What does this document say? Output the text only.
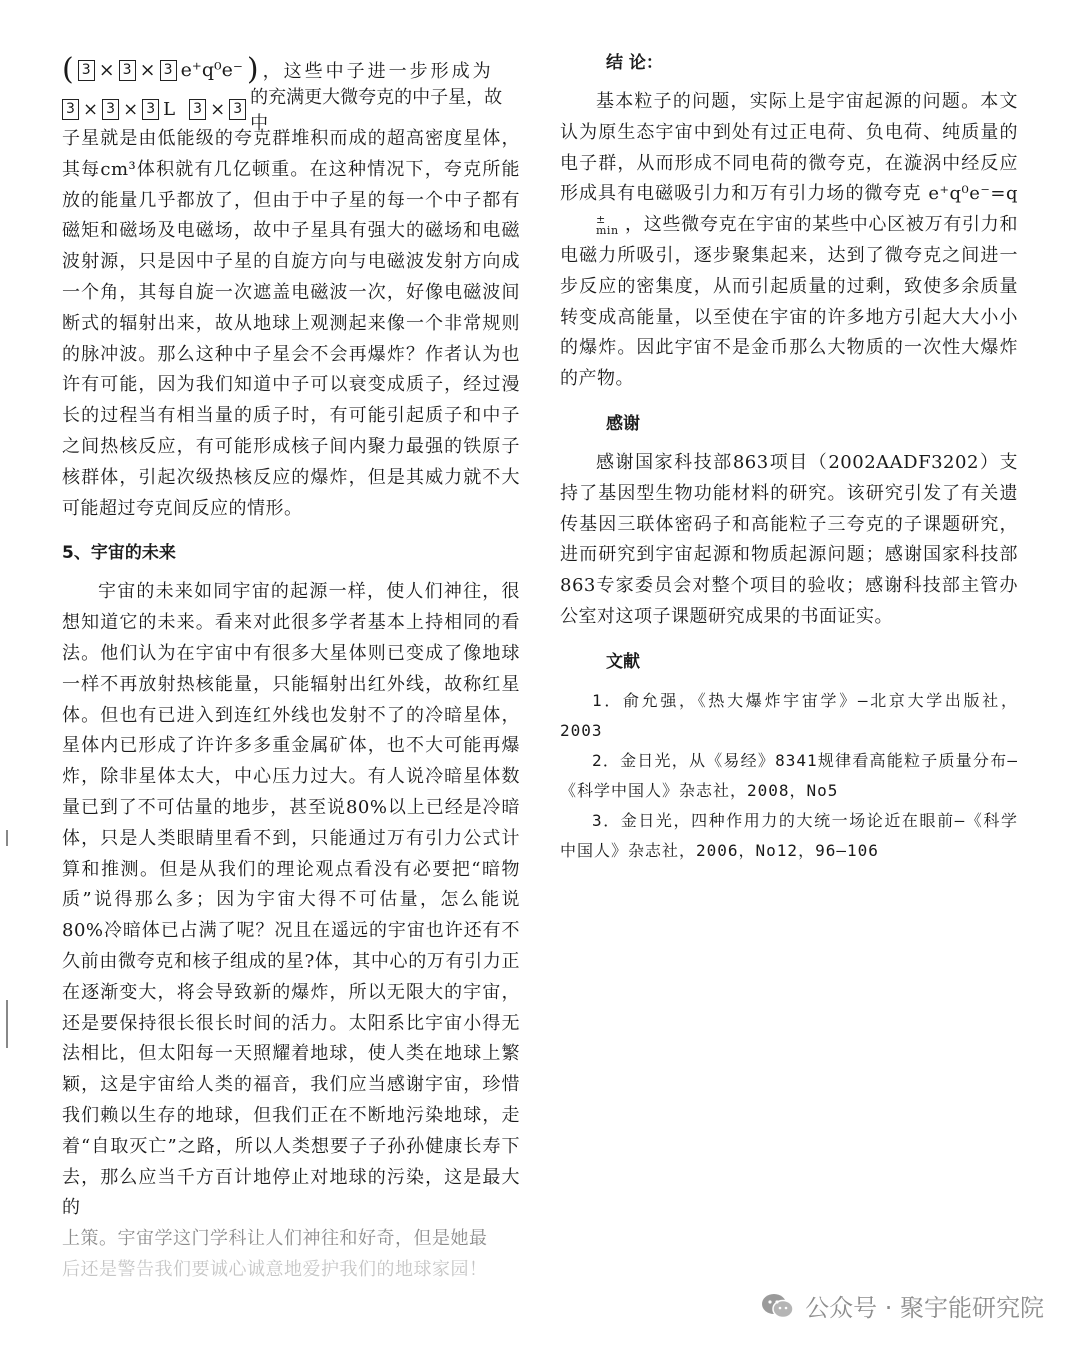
( 3 × 3 × 3 e⁺q⁰e⁻ ) ，这些中子进一步形成为
3 × 3 × 3 L 3 × 3
的充满更大微夸克的中子星，故中

子星就是由低能级的夸克群堆积而成的超高密度星体，其每cm³体积就有几亿顿重。在这种情况下，夸克所能放的能量几乎都放了，但由于中子星的每一个中子都有磁矩和磁场及电磁场，故中子星具有强大的磁场和电磁波射源，只是因中子星的自旋方向与电磁波发射方向成一个角，其每自旋一次遮盖电磁波一次，好像电磁波间断式的辐射出来，故从地球上观测起来像一个非常规则的脉冲波。那么这种中子星会不会再爆炸？作者认为也许有可能，因为我们知道中子可以衰变成质子，经过漫长的过程当有相当量的质子时，有可能引起质子和中子之间热核反应，有可能形成核子间内聚力最强的铁原子核群体，引起次级热核反应的爆炸，但是其威力就不大可能超过夸克间反应的情形。

5、宇宙的未来

宇宙的未来如同宇宙的起源一样，使人们神往，很想知道它的未来。看来对此很多学者基本上持相同的看法。他们认为在宇宙中有很多大星体则已变成了像地球一样不再放射热核能量，只能辐射出红外线，故称红星体。但也有已进入到连红外线也发射不了的冷暗星体，星体内已形成了许许多多重金属矿体，也不大可能再爆炸，除非星体太大，中心压力过大。有人说冷暗星体数量已到了不可估量的地步，甚至说80%以上已经是冷暗体，只是人类眼睛里看不到，只能通过万有引力公式计算和推测。但是从我们的理论观点看没有必要把“暗物质”说得那么多；因为宇宙大得不可估量，怎么能说80%冷暗体已占满了呢？况且在遥远的宇宙也许还有不久前由微夸克和核子组成的星?体，其中心的万有引力正在逐渐变大，将会导致新的爆炸，所以无限大的宇宙，还是要保持很长很长时间的活力。太阳系比宇宙小得无法相比，但太阳每一天照耀着地球，使人类在地球上繁颖，这是宇宙给人类的福音，我们应当感谢宇宙，珍惜我们赖以生存的地球，但我们正在不断地污染地球，走着“自取灭亡”之路，所以人类想要子子孙孙健康长寿下去，那么应当千方百计地停止对地球的污染，这是最大的

上策。宇宙学这门学科让人们神往和好奇，但是她最

后还是警告我们要诚心诚意地爱护我们的地球家园！

结 论：

基本粒子的问题，实际上是宇宙起源的问题。本文认为原生态宇宙中到处有过正电荷、负电荷、纯质量的电子群，从而形成不同电荷的微夸克，在漩涡中经反应形成具有电磁吸引力和万有引力场的微夸克 e⁺q⁰e⁻=q
±
min ，这些微夸克在宇宙的某些中心区被万有引力和电磁力所吸引，逐步聚集起来，达到了微夸克之间进一步反应的密集度，从而引起质量的过剩，致使多余质量转变成高能量，以至使在宇宙的许多地方引起大大小小的爆炸。因此宇宙不是金币那么大物质的一次性大爆炸的产物。

感谢

感谢国家科技部863项目（2002AADF3202）支持了基因型生物功能材料的研究。该研究引发了有关遗传基因三联体密码子和高能粒子三夸克的子课题研究，进而研究到宇宙起源和物质起源问题；感谢国家科技部863专家委员会对整个项目的验收；感谢科技部主管办公室对这项子课题研究成果的书面证实。

文献

1．俞允强，《热大爆炸宇宙学》—北京大学出版社，2003

2．金日光，从《易经》8341规律看高能粒子质量分布—《科学中国人》杂志社，2008，No5

3．金日光，四种作用力的大统一场论近在眼前—《科学中国人》杂志社，2006，No12，96—106

公众号 · 聚宇能研究院
